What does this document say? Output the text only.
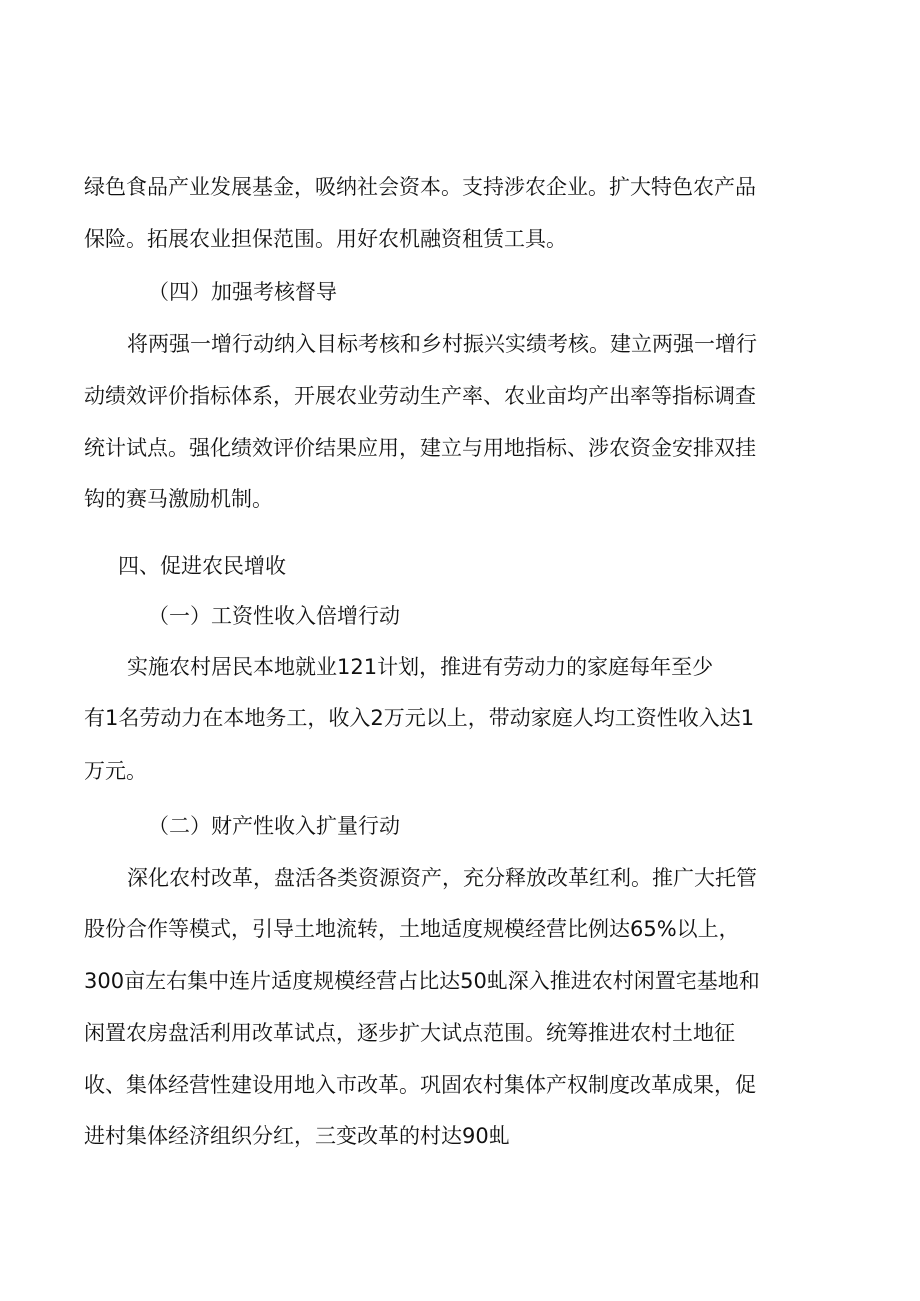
绿色食品产业发展基金，吸纳社会资本。支持涉农企业。扩大特色农产品

保险。拓展农业担保范围。用好农机融资租赁工具。

（四）加强考核督导

将两强一增行动纳入目标考核和乡村振兴实绩考核。建立两强一增行

动绩效评价指标体系，开展农业劳动生产率、农业亩均产出率等指标调查

统计试点。强化绩效评价结果应用，建立与用地指标、涉农资金安排双挂

钩的赛马激励机制。

四、促进农民增收

（一）工资性收入倍增行动

实施农村居民本地就业121计划，推进有劳动力的家庭每年至少

有1名劳动力在本地务工，收入2万元以上，带动家庭人均工资性收入达1

万元。

（二）财产性收入扩量行动

深化农村改革，盘活各类资源资产，充分释放改革红利。推广大托管

股份合作等模式，引导土地流转，土地适度规模经营比例达65%以上，

300亩左右集中连片适度规模经营占比达50虬深入推进农村闲置宅基地和

闲置农房盘活利用改革试点，逐步扩大试点范围。统筹推进农村土地征

收、集体经营性建设用地入市改革。巩固农村集体产权制度改革成果，促

进村集体经济组织分红，三变改革的村达90虬
